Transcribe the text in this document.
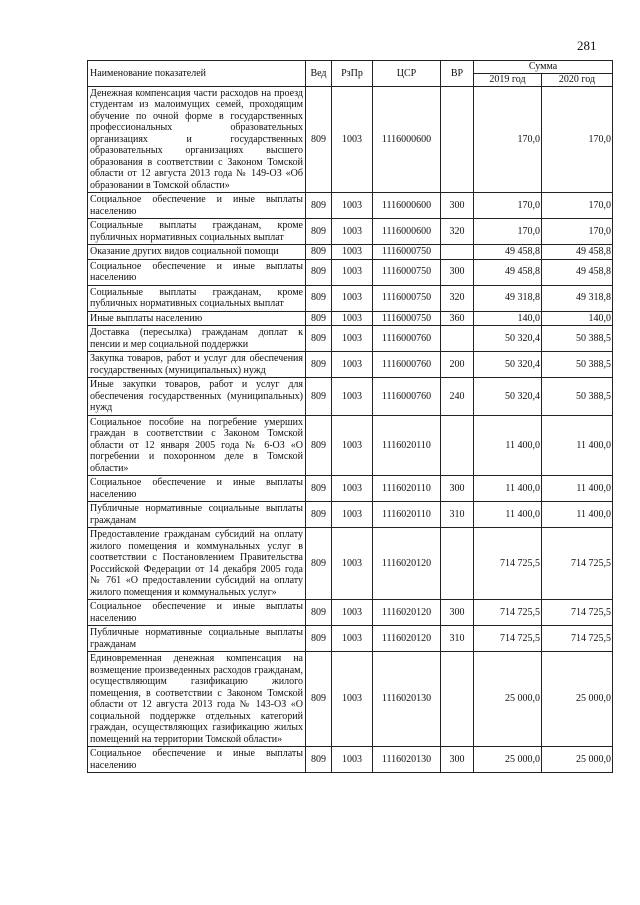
281
Наименование показателей	Вед	РзПр	ЦСР	ВР	Сумма	
					2019 год	2020 год
Денежная компенсация части расходов на проезд студентам из малоимущих семей, проходящим обучение по очной форме в государственных профессиональных образовательных организациях и государственных образовательных организациях высшего образования в соответствии с Законом Томской области от 12 августа 2013 года № 149-ОЗ «Об образовании в Томской области»	809	1003	1116000600		170,0	170,0
Социальное обеспечение и иные выплаты населению	809	1003	1116000600	300	170,0	170,0
Социальные выплаты гражданам, кроме публичных нормативных социальных выплат	809	1003	1116000600	320	170,0	170,0
Оказание других видов социальной помощи	809	1003	1116000750		49 458,8	49 458,8
Социальное обеспечение и иные выплаты населению	809	1003	1116000750	300	49 458,8	49 458,8
Социальные выплаты гражданам, кроме публичных нормативных социальных выплат	809	1003	1116000750	320	49 318,8	49 318,8
Иные выплаты населению	809	1003	1116000750	360	140,0	140,0
Доставка (пересылка) гражданам доплат к пенсии и мер социальной поддержки	809	1003	1116000760		50 320,4	50 388,5
Закупка товаров, работ и услуг для обеспечения государственных (муниципальных) нужд	809	1003	1116000760	200	50 320,4	50 388,5
Иные закупки товаров, работ и услуг для обеспечения государственных (муниципальных) нужд	809	1003	1116000760	240	50 320,4	50 388,5
Социальное пособие на погребение умерших граждан в соответствии с Законом Томской области от 12 января 2005 года № 6-ОЗ «О погребении и похоронном деле в Томской области»	809	1003	1116020110		11 400,0	11 400,0
Социальное обеспечение и иные выплаты населению	809	1003	1116020110	300	11 400,0	11 400,0
Публичные нормативные социальные выплаты гражданам	809	1003	1116020110	310	11 400,0	11 400,0
Предоставление гражданам субсидий на оплату жилого помещения и коммунальных услуг в соответствии с Постановлением Правительства Российской Федерации от 14 декабря 2005 года № 761 «О предоставлении субсидий на оплату жилого помещения и коммунальных услуг»	809	1003	1116020120		714 725,5	714 725,5
Социальное обеспечение и иные выплаты населению	809	1003	1116020120	300	714 725,5	714 725,5
Публичные нормативные социальные выплаты гражданам	809	1003	1116020120	310	714 725,5	714 725,5
Единовременная денежная компенсация на возмещение произведенных расходов гражданам, осуществляющим газификацию жилого помещения, в соответствии с Законом Томской области от 12 августа 2013 года № 143-ОЗ «О социальной поддержке отдельных категорий граждан, осуществляющих газификацию жилых помещений на территории Томской области»	809	1003	1116020130		25 000,0	25 000,0
Социальное обеспечение и иные выплаты населению	809	1003	1116020130	300	25 000,0	25 000,0
